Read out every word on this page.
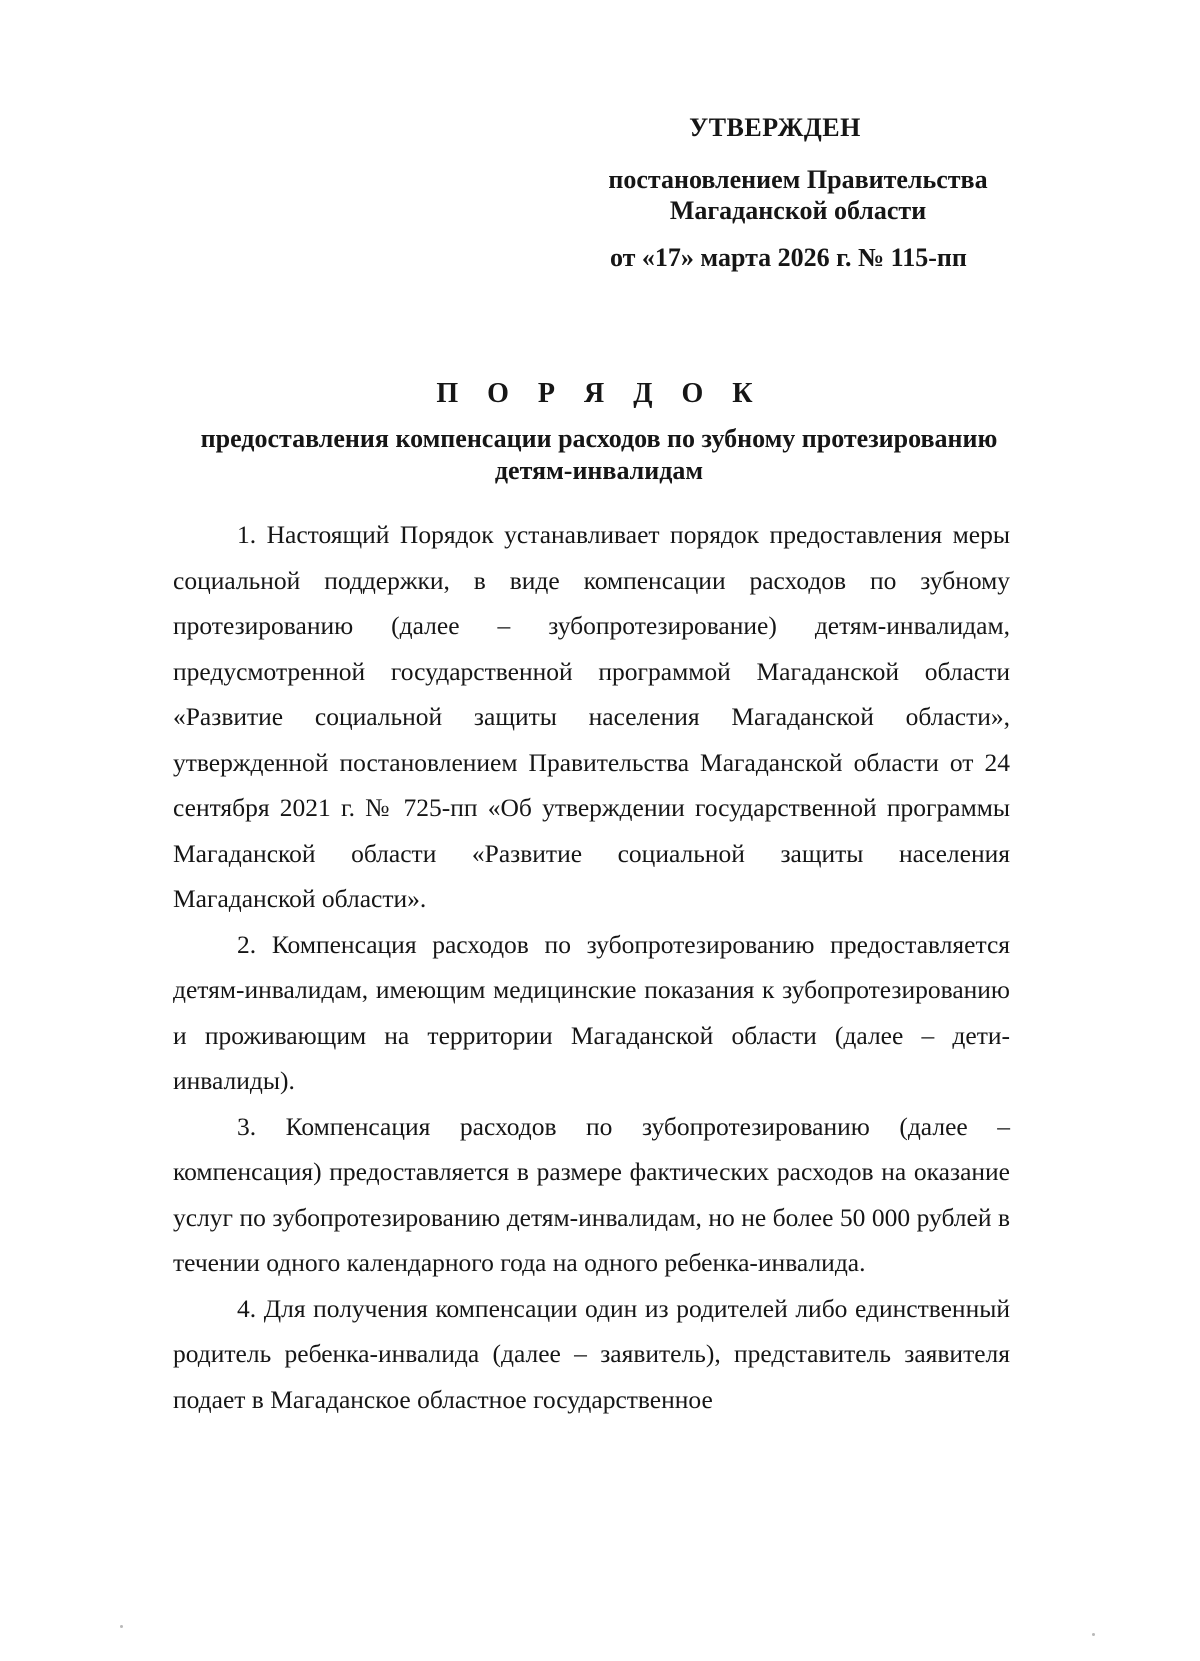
УТВЕРЖДЕН
постановлением Правительства
Магаданской области
от «17» марта 2026 г. № 115-пп
П О Р Я Д О К
предоставления компенсации расходов по зубному протезированию
детям-инвалидам

1. Настоящий Порядок устанавливает порядок предоставления меры социальной поддержки, в виде компенсации расходов по зубному протезированию (далее – зубопротезирование) детям-инвалидам, предусмотренной государственной программой Магаданской области «Развитие социальной защиты населения Магаданской области», утвержденной постановлением Правительства Магаданской области от 24 сентября 2021 г. № 725-пп «Об утверждении государственной программы Магаданской области «Развитие социальной защиты населения Магаданской области».

2. Компенсация расходов по зубопротезированию предоставляется детям-инвалидам, имеющим медицинские показания к зубопротезированию и проживающим на территории Магаданской области (далее – дети-инвалиды).

3. Компенсация расходов по зубопротезированию (далее – компенсация) предоставляется в размере фактических расходов на оказание услуг по зубопротезированию детям-инвалидам, но не более 50 000 рублей в течении одного календарного года на одного ребенка-инвалида.

4. Для получения компенсации один из родителей либо единственный родитель ребенка-инвалида (далее – заявитель), представитель заявителя подает в Магаданское областное государственное
